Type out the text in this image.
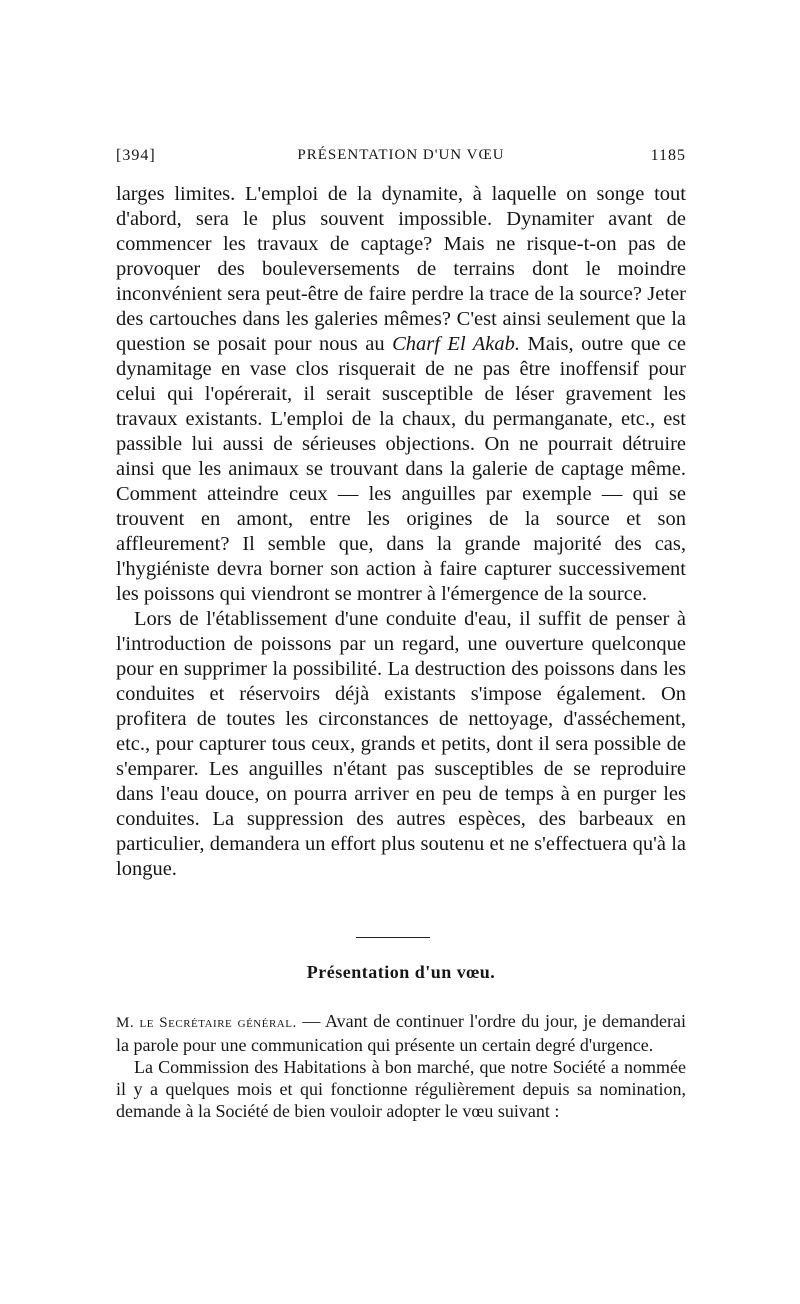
[394]	PRÉSENTATION D'UN VŒU	1185

larges limites. L'emploi de la dynamite, à laquelle on songe tout d'abord, sera le plus souvent impossible. Dynamiter avant de commencer les travaux de captage? Mais ne risque-t-on pas de provoquer des bouleversements de terrains dont le moindre inconvénient sera peut-être de faire perdre la trace de la source? Jeter des cartouches dans les galeries mêmes? C'est ainsi seulement que la question se posait pour nous au Charf El Akab. Mais, outre que ce dynamitage en vase clos risquerait de ne pas être inoffensif pour celui qui l'opérerait, il serait susceptible de léser gravement les travaux existants. L'emploi de la chaux, du permanganate, etc., est passible lui aussi de sérieuses objections. On ne pourrait détruire ainsi que les animaux se trouvant dans la galerie de captage même. Comment atteindre ceux — les anguilles par exemple — qui se trouvent en amont, entre les origines de la source et son affleurement? Il semble que, dans la grande majorité des cas, l'hygiéniste devra borner son action à faire capturer successivement les poissons qui viendront se montrer à l'émergence de la source.

Lors de l'établissement d'une conduite d'eau, il suffit de penser à l'introduction de poissons par un regard, une ouverture quelconque pour en supprimer la possibilité. La destruction des poissons dans les conduites et réservoirs déjà existants s'impose également. On profitera de toutes les circonstances de nettoyage, d'asséchement, etc., pour capturer tous ceux, grands et petits, dont il sera possible de s'emparer. Les anguilles n'étant pas susceptibles de se reproduire dans l'eau douce, on pourra arriver en peu de temps à en purger les conduites. La suppression des autres espèces, des barbeaux en particulier, demandera un effort plus soutenu et ne s'effectuera qu'à la longue.

Présentation d'un vœu.

M. le Secrétaire général. — Avant de continuer l'ordre du jour, je demanderai la parole pour une communication qui présente un certain degré d'urgence.

La Commission des Habitations à bon marché, que notre Société a nommée il y a quelques mois et qui fonctionne régulièrement depuis sa nomination, demande à la Société de bien vouloir adopter le vœu suivant :
